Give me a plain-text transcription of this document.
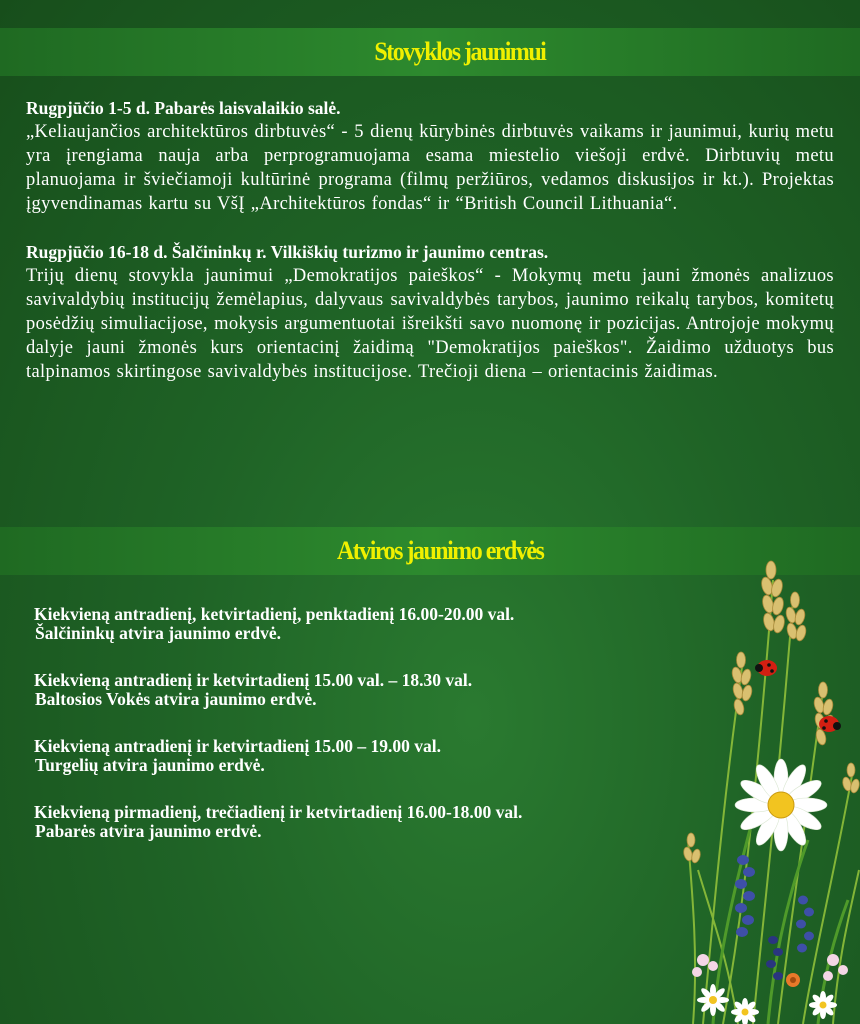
Stovyklos jaunimui

Rugpjūčio 1-5 d. Pabarės laisvalaikio salė.

„Keliaujančios architektūros dirbtuvės“ - 5 dienų kūrybinės dirbtuvės vaikams ir jaunimui, kurių metu yra įrengiama nauja arba perprogramuojama esama miestelio viešoji erdvė. Dirbtuvių metu planuojama ir šviečiamoji kultūrinė programa (filmų peržiūros, vedamos diskusijos ir kt.). Projektas įgyvendinamas kartu su VšĮ „Architektūros fondas“ ir “British Council Lithuania“.

Rugpjūčio 16-18 d. Šalčininkų r. Vilkiškių turizmo ir jaunimo centras.

Trijų dienų stovykla jaunimui „Demokratijos paieškos“ - Mokymų metu jauni žmonės analizuos savivaldybių institucijų žemėlapius, dalyvaus savivaldybės tarybos, jaunimo reikalų tarybos, komitetų posėdžių simuliacijose, mokysis argumentuotai išreikšti savo nuomonę ir pozicijas. Antrojoje mokymų dalyje jauni žmonės kurs orientacinį žaidimą "Demokratijos paieškos". Žaidimo užduotys bus talpinamos skirtingose savivaldybės institucijose. Trečioji diena – orientacinis žaidimas.

Atviros jaunimo erdvės

Kiekvieną antradienį, ketvirtadienį, penktadienį 16.00-20.00 val.

Šalčininkų atvira jaunimo erdvė.

Kiekvieną antradienį ir ketvirtadienį 15.00 val. – 18.30 val.

Baltosios Vokės atvira jaunimo erdvė.

Kiekvieną antradienį ir ketvirtadienį 15.00 – 19.00 val.

Turgelių atvira jaunimo erdvė.

Kiekvieną pirmadienį, trečiadienį ir ketvirtadienį 16.00-18.00 val.

Pabarės atvira jaunimo erdvė.
